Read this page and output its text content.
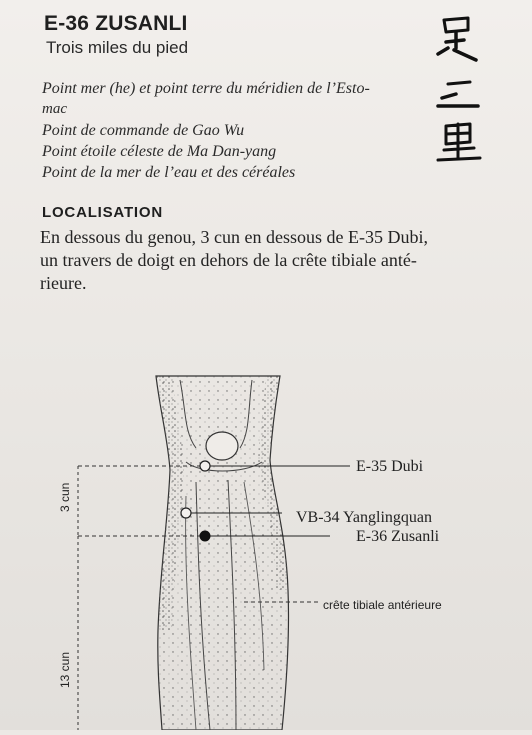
E-36 ZUSANLI
Trois miles du pied
Point mer (he) et point terre du méridien de l’Esto-
mac
Point de commande de Gao Wu
Point étoile céleste de Ma Dan-yang
Point de la mer de l’eau et des céréales
LOCALISATION
En dessous du genou, 3 cun en dessous de E-35 Dubi,
un travers de doigt en dehors de la crête tibiale anté-
rieure.
E-35 Dubi
VB-34 Yanglingquan
E-36 Zusanli
crête tibiale antérieure
3 cun
13 cun
